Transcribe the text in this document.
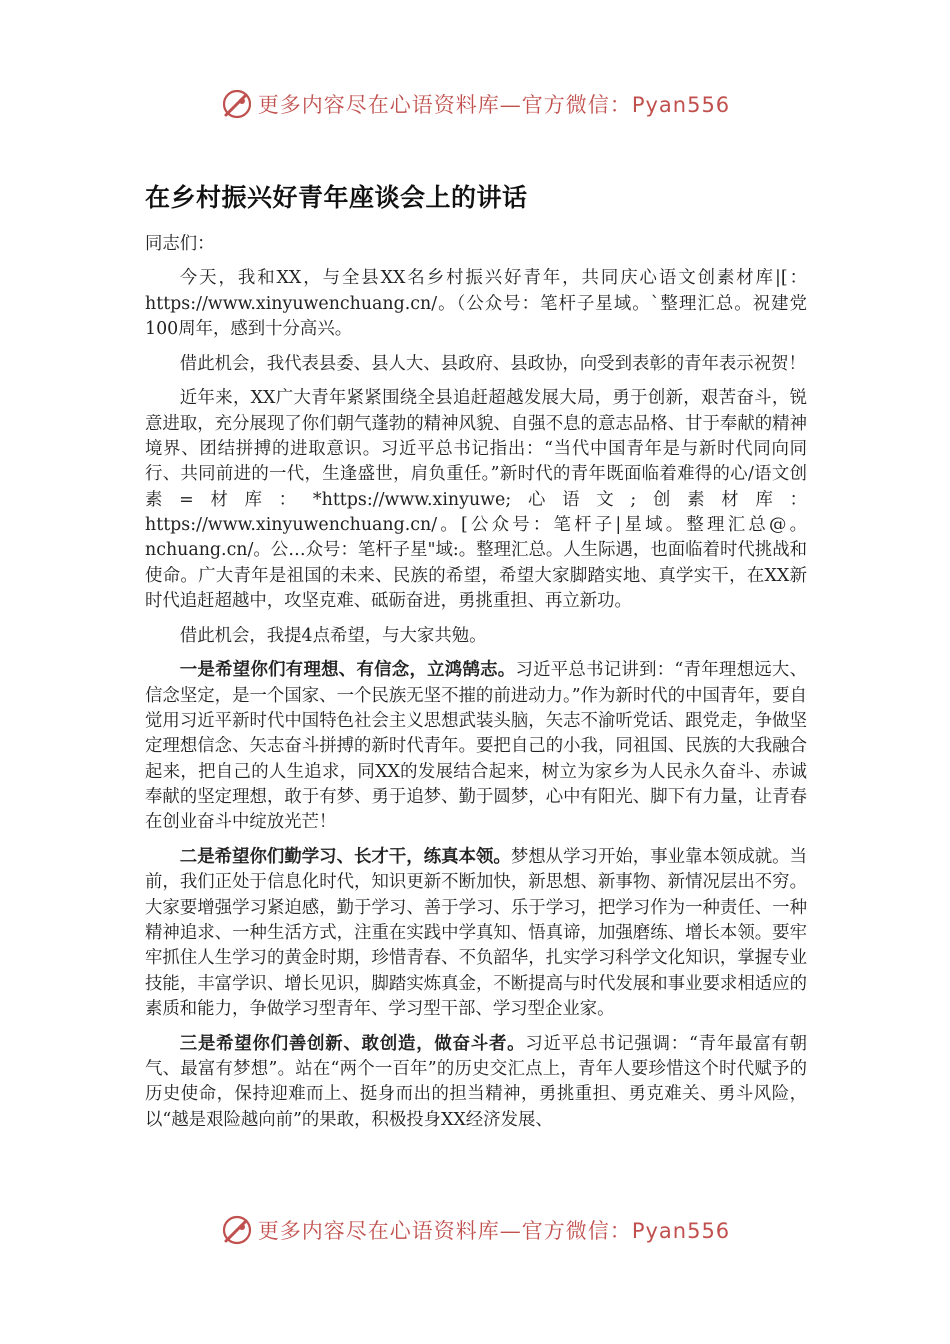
更多内容尽在心语资料库—官方微信：Pyan556
在乡村振兴好青年座谈会上的讲话

同志们：

今天，我和XX，与全县XX名乡村振兴好青年，共同庆心语文创素材库|[：https://www.xinyuwenchuang.cn/。（公众号：笔杆子星域。`整理汇总。祝建党100周年，感到十分高兴。

借此机会，我代表县委、县人大、县政府、县政协，向受到表彰的青年表示祝贺！

近年来，XX广大青年紧紧围绕全县追赶超越发展大局，勇于创新，艰苦奋斗，锐意进取，充分展现了你们朝气蓬勃的精神风貌、自强不息的意志品格、甘于奉献的精神境界、团结拼搏的进取意识。习近平总书记指出：“当代中国青年是与新时代同向同行、共同前进的一代，生逢盛世，肩负重任。”新时代的青年既面临着难得的心/语文创素=材库：*https://www.xinyuwe;心语文;创素材库：https://www.xinyuwenchuang.cn/。[公众号：笔杆子|星域。整理汇总@。nchuang.cn/。公…众号：笔杆子星"域:。整理汇总。人生际遇，也面临着时代挑战和使命。广大青年是祖国的未来、民族的希望，希望大家脚踏实地、真学实干，在XX新时代追赶超越中，攻坚克难、砥砺奋进，勇挑重担、再立新功。

借此机会，我提4点希望，与大家共勉。

一是希望你们有理想、有信念，立鸿鹄志。习近平总书记讲到：“青年理想远大、信念坚定，是一个国家、一个民族无坚不摧的前进动力。”作为新时代的中国青年，要自觉用习近平新时代中国特色社会主义思想武装头脑，矢志不渝听党话、跟党走，争做坚定理想信念、矢志奋斗拼搏的新时代青年。要把自己的小我，同祖国、民族的大我融合起来，把自己的人生追求，同XX的发展结合起来，树立为家乡为人民永久奋斗、赤诚奉献的坚定理想，敢于有梦、勇于追梦、勤于圆梦，心中有阳光、脚下有力量，让青春在创业奋斗中绽放光芒！

二是希望你们勤学习、长才干，练真本领。梦想从学习开始，事业靠本领成就。当前，我们正处于信息化时代，知识更新不断加快，新思想、新事物、新情况层出不穷。大家要增强学习紧迫感，勤于学习、善于学习、乐于学习，把学习作为一种责任、一种精神追求、一种生活方式，注重在实践中学真知、悟真谛，加强磨练、增长本领。要牢牢抓住人生学习的黄金时期，珍惜青春、不负韶华，扎实学习科学文化知识，掌握专业技能，丰富学识、增长见识，脚踏实炼真金，不断提高与时代发展和事业要求相适应的素质和能力，争做学习型青年、学习型干部、学习型企业家。

三是希望你们善创新、敢创造，做奋斗者。习近平总书记强调：“青年最富有朝气、最富有梦想”。站在“两个一百年”的历史交汇点上，青年人要珍惜这个时代赋予的历史使命，保持迎难而上、挺身而出的担当精神，勇挑重担、勇克难关、勇斗风险，以“越是艰险越向前”的果敢，积极投身XX经济发展、

更多内容尽在心语资料库—官方微信：Pyan556
